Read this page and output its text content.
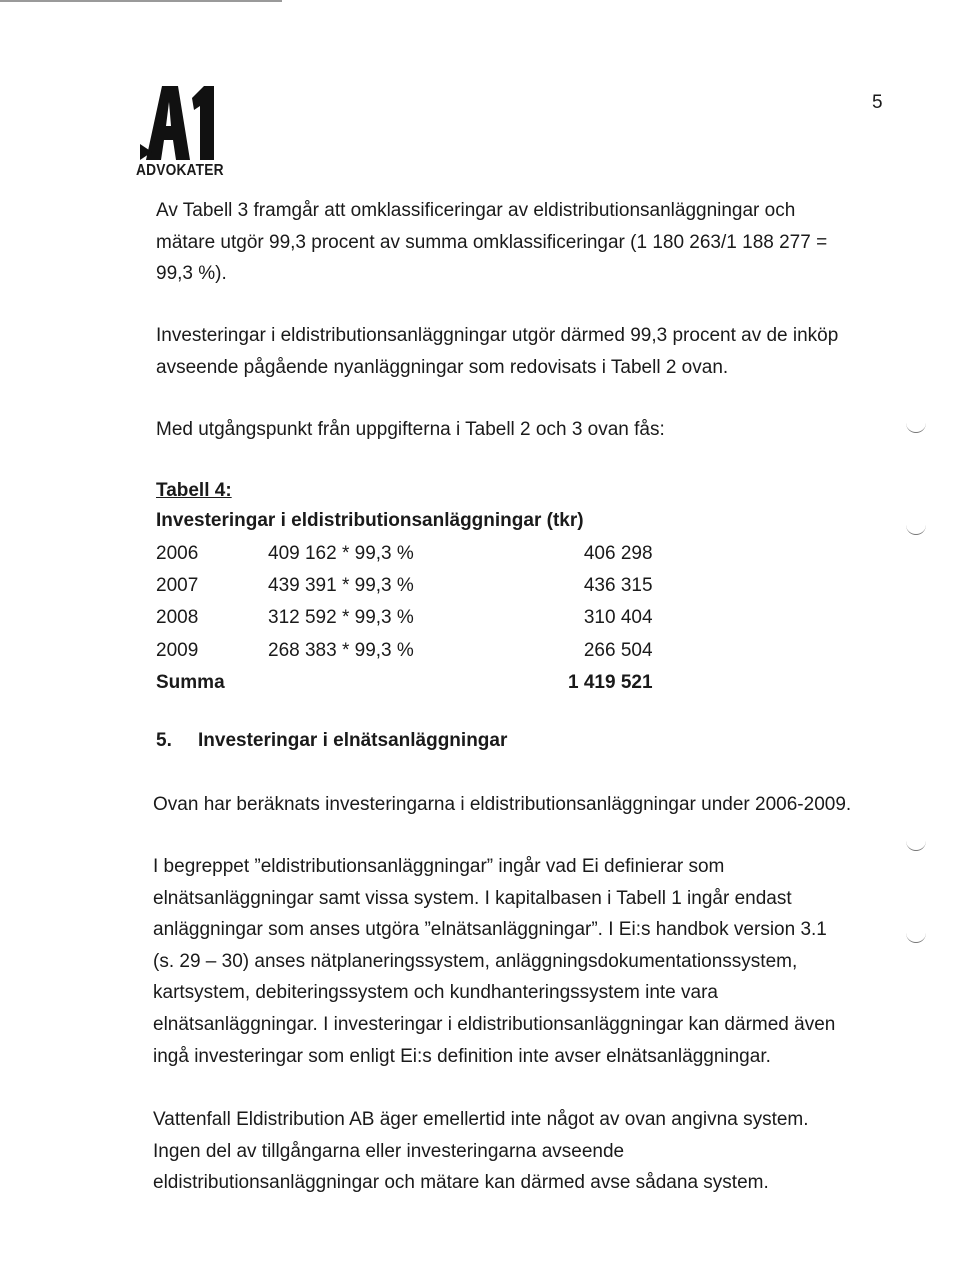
ADVOKATER
5
Av Tabell 3 framgår att omklassificeringar av eldistributionsanläggningar och mätare utgör 99,3 procent av summa omklassificeringar (1 180 263/1 188 277 = 99,3 %).
Investeringar i eldistributionsanläggningar utgör därmed 99,3 procent av de inköp avseende pågående nyanläggningar som redovisats i Tabell 2 ovan.
Med utgångspunkt från uppgifterna i Tabell 2 och 3 ovan fås:
Tabell 4:
Investeringar i eldistributionsanläggningar (tkr)
2006	409 162 * 99,3 %	406 298
2007	439 391 * 99,3 %	436 315
2008	312 592 * 99,3 %	310 404
2009	268 383 * 99,3 %	266 504
Summa		1 419 521
5. Investeringar i elnätsanläggningar
Ovan har beräknats investeringarna i eldistributionsanläggningar under 2006-2009.
I begreppet ”eldistributionsanläggningar” ingår vad Ei definierar som elnätsanläggningar samt vissa system. I kapitalbasen i Tabell 1 ingår endast anläggningar som anses utgöra ”elnätsanläggningar”. I Ei:s handbok version 3.1 (s. 29 – 30) anses nätplaneringssystem, anläggningsdokumentationssystem, kartsystem, debiteringssystem och kundhanteringssystem inte vara elnätsanläggningar. I investeringar i eldistributionsanläggningar kan därmed även ingå investeringar som enligt Ei:s definition inte avser elnätsanläggningar.
Vattenfall Eldistribution AB äger emellertid inte något av ovan angivna system. Ingen del av tillgångarna eller investeringarna avseende eldistributionsanläggningar och mätare kan därmed avse sådana system.
